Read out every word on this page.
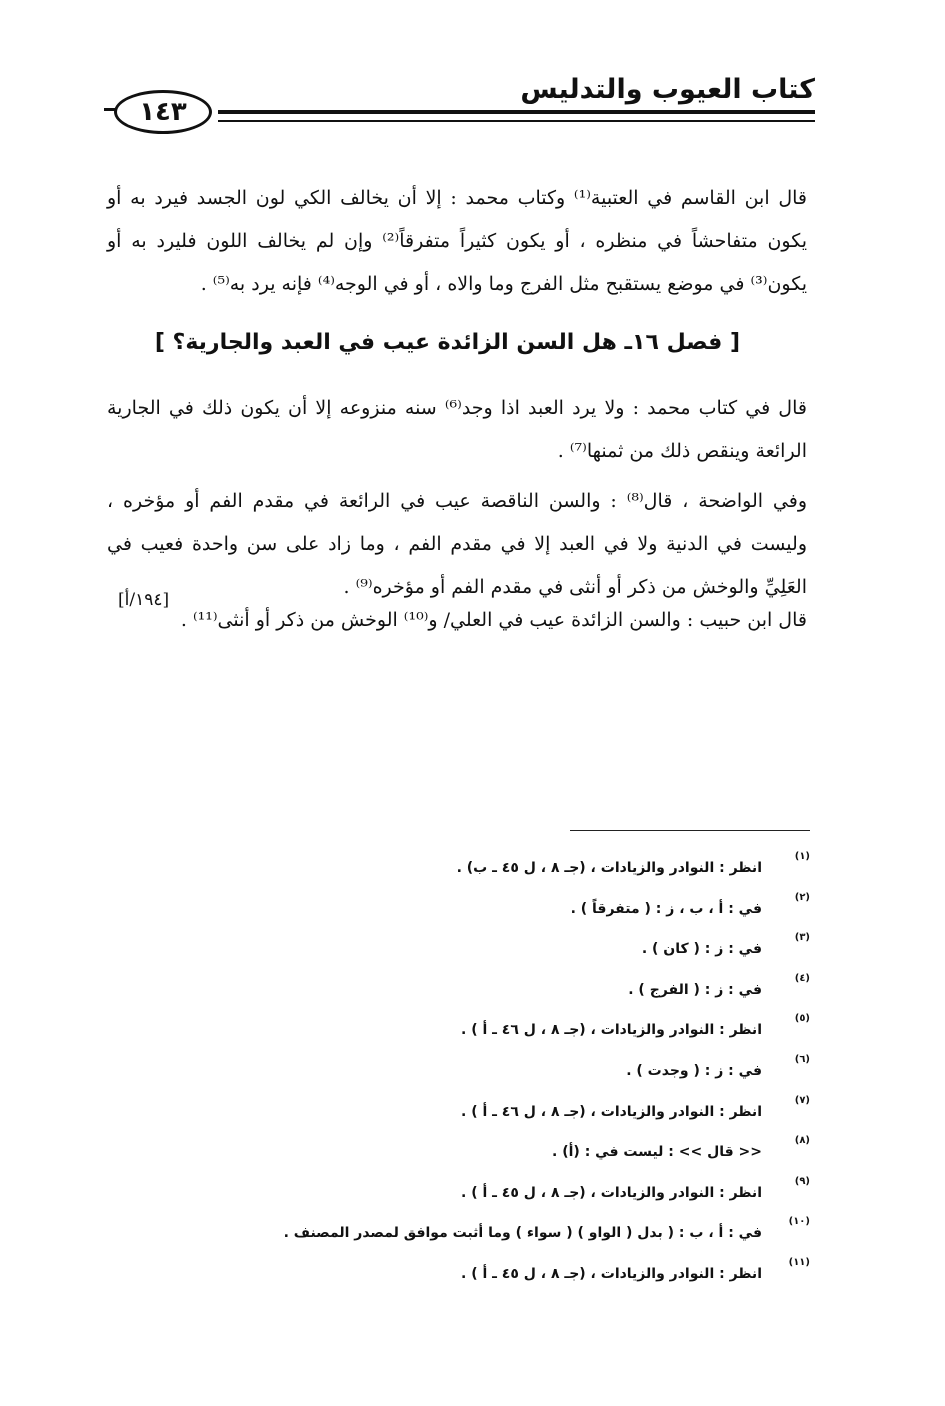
كتاب العيوب والتدليس
١٤٣

قال ابن القاسم في العتبية⁽¹⁾ وكتاب محمد : إلا أن يخالف الكي لون الجسد فيرد به أو يكون متفاحشاً في منظره ، أو يكون كثيراً متفرقاً⁽²⁾ وإن لم يخالف اللون فليرد به أو يكون⁽³⁾ في موضع يستقبح مثل الفرج وما والاه ، أو في الوجه⁽⁴⁾ فإنه يرد به⁽⁵⁾ .

[ فصل ١٦ـ هل السن الزائدة عيب في العبد والجارية؟ ]

قال في كتاب محمد : ولا يرد العبد اذا وجد⁽⁶⁾ سنه منزوعه إلا أن يكون ذلك في الجارية الرائعة وينقص ذلك من ثمنها⁽⁷⁾ .

وفي الواضحة ، قال⁽⁸⁾ : والسن الناقصة عيب في الرائعة في مقدم الفم أو مؤخره ، وليست في الدنية ولا في العبد إلا في مقدم الفم ، وما زاد على سن واحدة فعيب في العَلِيِّ والوخش من ذكر أو أنثى في مقدم الفم أو مؤخره⁽⁹⁾ .

قال ابن حبيب : والسن الزائدة عيب في العلي/ و⁽¹⁰⁾ الوخش من ذكر أو أنثى⁽¹¹⁾ .

[١٩٤/أ]
(١)انظر : النوادر والزيادات ، (جـ ٨ ، ل ٤٥ ـ ب) .
(٢)في : أ ، ب ، ز : ( متفرقاً ) .
(٣)في : ز : ( كان ) .
(٤)في : ز : ( الفرج ) .
(٥)انظر : النوادر والزيادات ، (جـ ٨ ، ل ٤٦ ـ أ ) .
(٦)في : ز : ( وجدت ) .
(٧)انظر : النوادر والزيادات ، (جـ ٨ ، ل ٤٦ ـ أ ) .
(٨)<< قال >> : ليست في : (أ) .
(٩)انظر : النوادر والزيادات ، (جـ ٨ ، ل ٤٥ ـ أ ) .
(١٠)في : أ ، ب : ( بدل ( الواو ) ( سواء ) وما أثبت موافق لمصدر المصنف .
(١١)انظر : النوادر والزيادات ، (جـ ٨ ، ل ٤٥ ـ أ ) .
